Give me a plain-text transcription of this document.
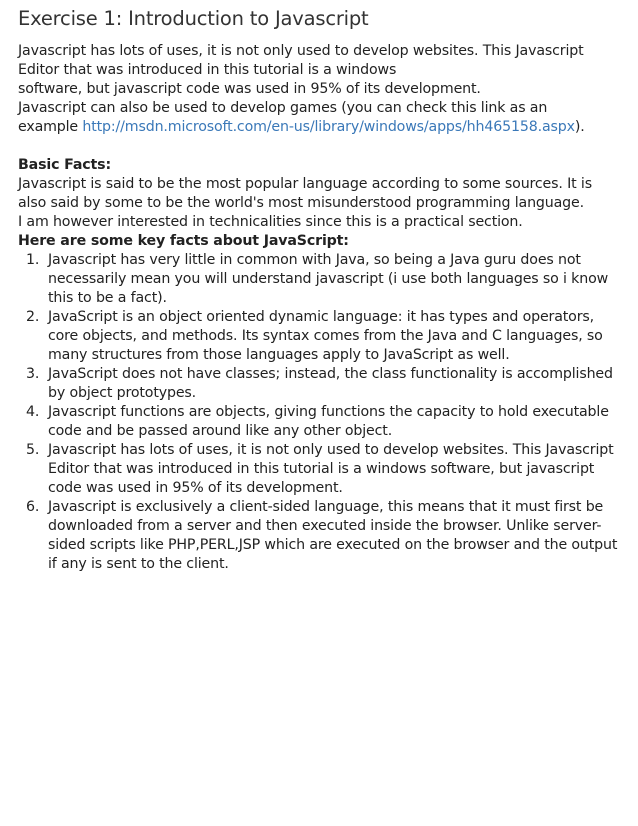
Exercise 1: Introduction to Javascript
Javascript has lots of uses, it is not only used to develop websites. This Javascript
Editor that was introduced in this tutorial is a windows
software, but javascript code was used in 95% of its development.
Javascript can also be used to develop games (you can check this link as an
example http://msdn.microsoft.com/en-us/library/windows/apps/hh465158.aspx).
Basic Facts:
Javascript is said to be the most popular language according to some sources. It is
also said by some to be the world's most misunderstood programming language.
I am however interested in technicalities since this is a practical section.
Here are some key facts about JavaScript:
1. Javascript has very little in common with Java, so being a Java guru does not
necessarily mean you will understand javascript (i use both languages so i know
this to be a fact).
2. JavaScript is an object oriented dynamic language: it has types and operators,
core objects, and methods. Its syntax comes from the Java and C languages, so
many structures from those languages apply to JavaScript as well.
3. JavaScript does not have classes; instead, the class functionality is accomplished
by object prototypes.
4. Javascript functions are objects, giving functions the capacity to hold executable
code and be passed around like any other object.
5. Javascript has lots of uses, it is not only used to develop websites. This Javascript
Editor that was introduced in this tutorial is a windows software, but javascript
code was used in 95% of its development.
6. Javascript is exclusively a client-sided language, this means that it must first be
downloaded from a server and then executed inside the browser. Unlike server-
sided scripts like PHP,PERL,JSP which are executed on the browser and the output
if any is sent to the client.
